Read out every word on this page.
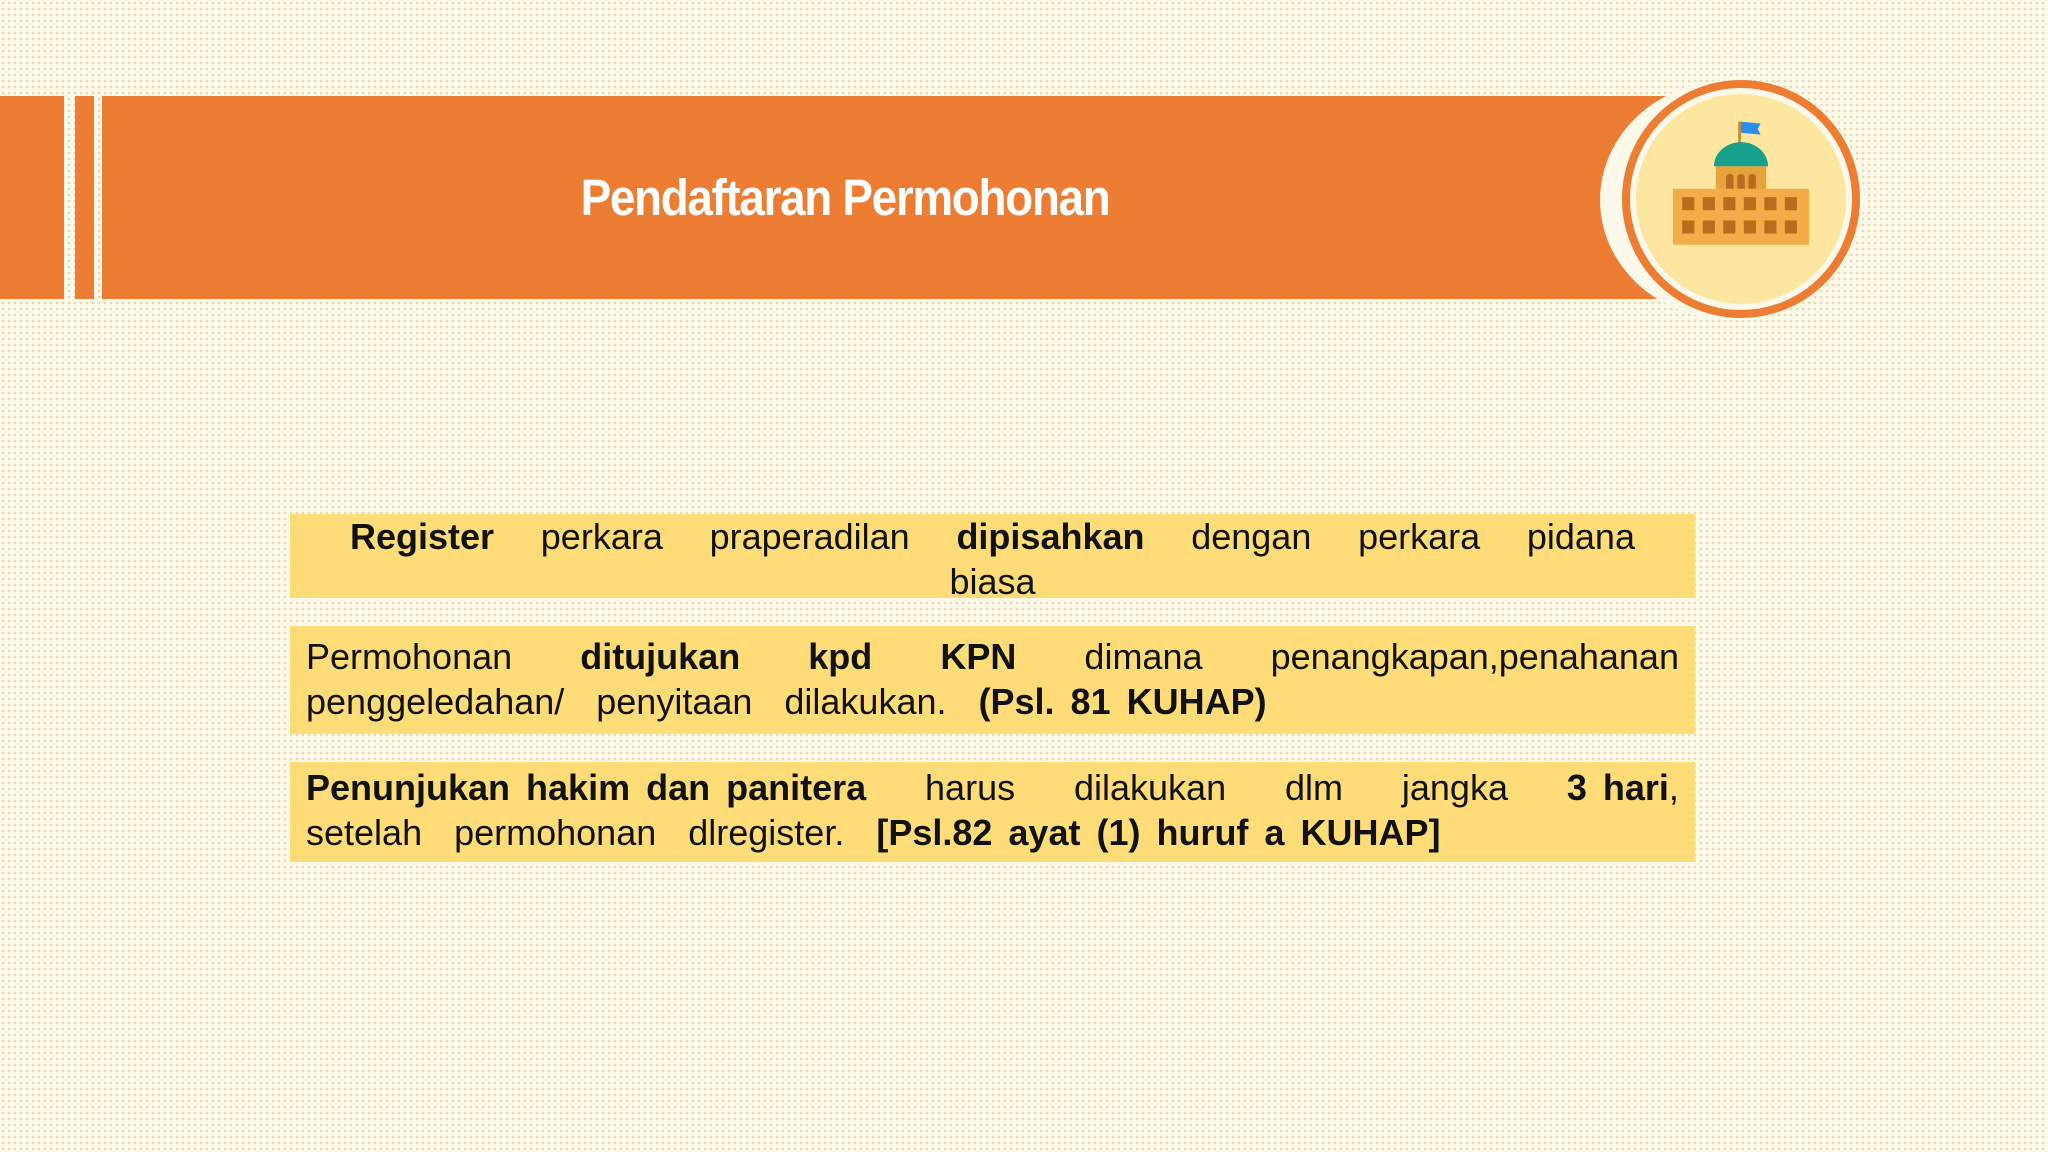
Pendaftaran Permohonan
Register perkara praperadilan dipisahkan dengan perkara pidana
biasa
Permohonan ditujukan kpd KPN dimana penangkapan,penahanan
penggeledahan/  penyitaan  dilakukan.  (Psl. 81 KUHAP)
Penunjukan hakim dan panitera harus dilakukan dlm jangka 3 hari,
setelah  permohonan  dlregister.  [Psl.82 ayat (1) huruf a KUHAP]
